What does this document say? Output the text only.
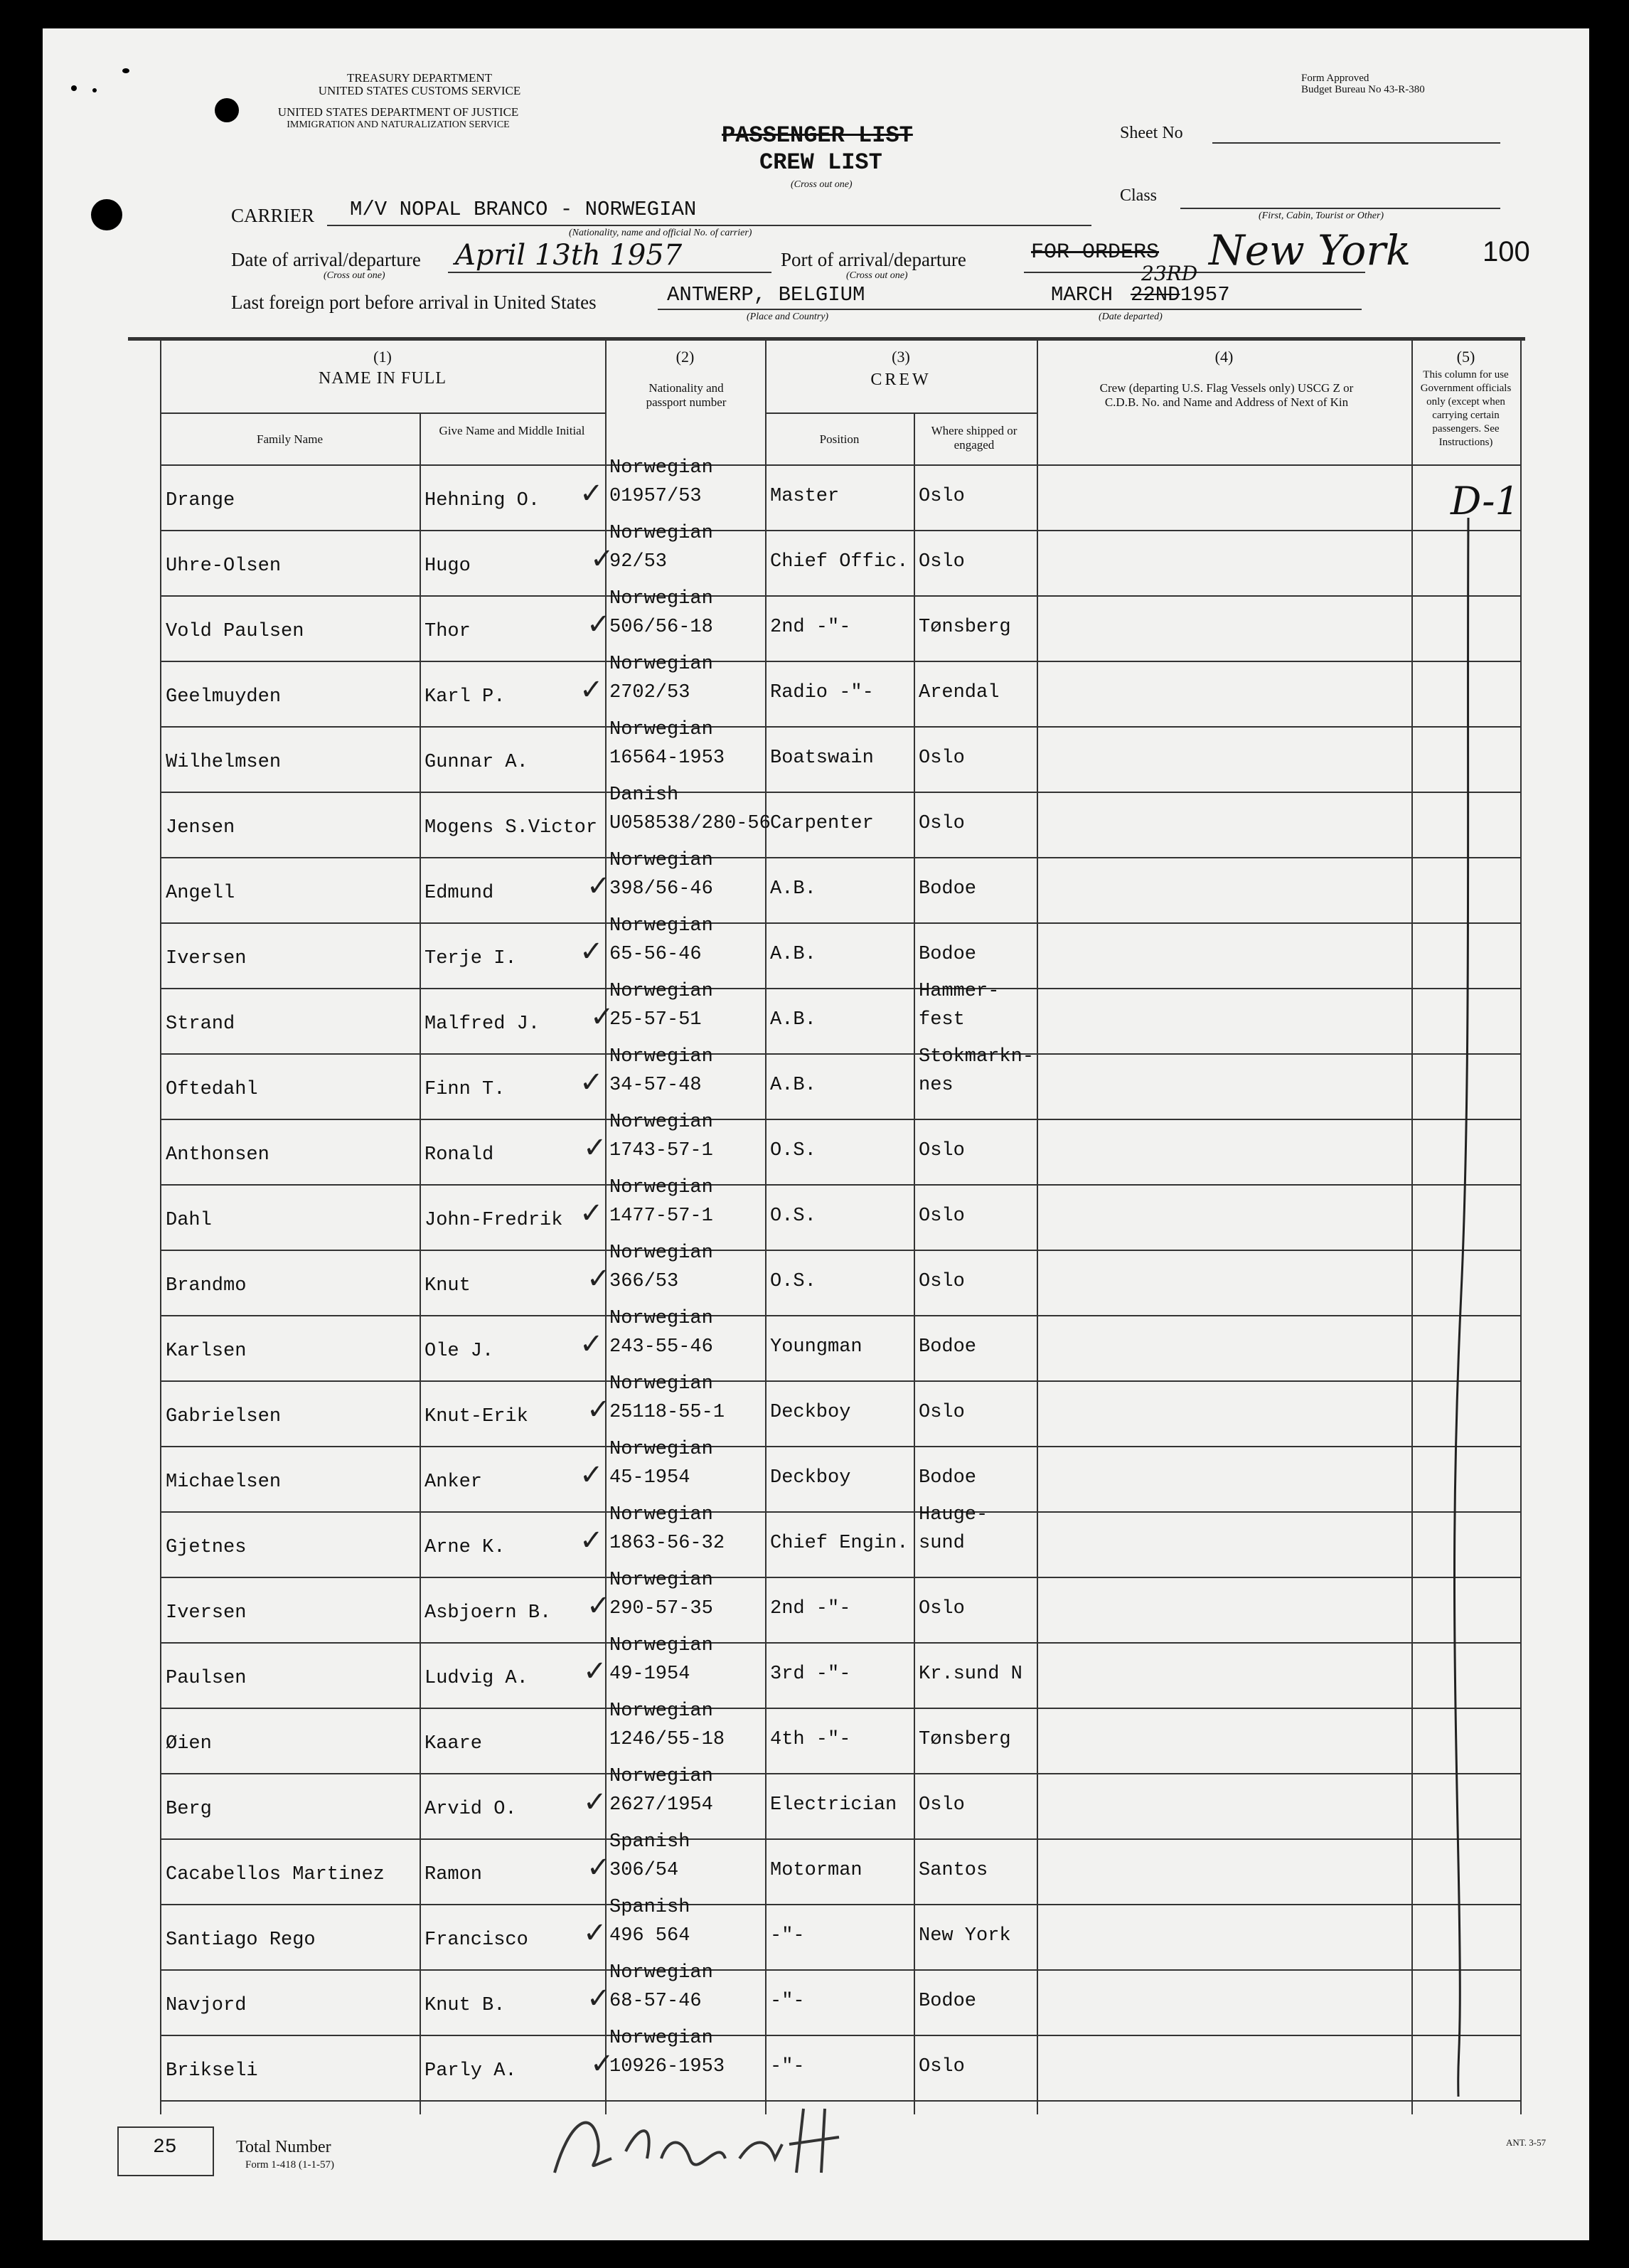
TREASURY DEPARTMENT
UNITED STATES CUSTOMS SERVICE
UNITED STATES DEPARTMENT OF JUSTICE
IMMIGRATION AND NATURALIZATION SERVICE
Form Approved
Budget Bureau No 43-R-380
PASSENGER LIST
CREW LIST
(Cross out one)
Sheet No
Class
(First, Cabin, Tourist or Other)
100
CARRIER M/V NOPAL BRANCO - NORWEGIAN
(Nationality, name and official No. of carrier)
Date of arrival/departure
(Cross out one)
April 13th 1957	Port of arrival/departure
(Cross out one)
FOR ORDERS New York
Last foreign port before arrival in United States	ANTWERP, BELGIUM
(Place and Country)
MARCH 22ND
23RD
1957
(Date departed)
(1)
NAME IN FULL
Family Name
Give Name and Middle Initial
(2)
Nationality and passport number
(3)
CREW
Position
Where shipped or engaged
(4)
Crew (departing U.S. Flag Vessels only) USCG Z or C.D.B. No. and Name and Address of Next of Kin
(5)
This column for use Government officials only (except when carrying certain passengers. See Instructions)
Drange	Hehning O.
Norwegian
01957/53	Master	Oslo
✓
Uhre-Olsen	Hugo
Norwegian
92/53	Chief Offic. Oslo
✓
Vold Paulsen	Thor
Norwegian
506/56-18	2nd -"-	Tønsberg
✓
Geelmuyden	Karl P.
Norwegian
2702/53	Radio -"- Arendal
✓
Wilhelmsen	Gunnar A.
Norwegian
16564-1953 Boatswain Oslo
Jensen	Mogens S.Victor
Danish
U058538/280-56 Carpenter Oslo
Angell	Edmund
Norwegian
398/56-46	A.B.	Bodoe
✓
Iversen	Terje I.
Norwegian
65-56-46	A.B.	Bodoe
✓
Strand	Malfred J.
Norwegian
25-57-51	A.B.
Hammer-
fest
✓
Oftedahl	Finn T.
Norwegian
34-57-48	A.B.
Stokmarkn-
nes
✓
Anthonsen	Ronald
Norwegian
1743-57-1	O.S.	Oslo
✓
Dahl	John-Fredrik
Norwegian
1477-57-1	O.S.	Oslo
✓
Brandmo	Knut
Norwegian
366/53	O.S.	Oslo
✓
Karlsen	Ole J.
Norwegian
243-55-46	Youngman	Bodoe
✓
Gabrielsen	Knut-Erik
Norwegian
25118-55-1 Deckboy	Oslo
✓
Michaelsen	Anker
Norwegian
45-1954	Deckboy	Bodoe
✓
Gjetnes	Arne K.
Norwegian
1863-56-32 Chief Engin.
Hauge-
sund
✓
Iversen	Asbjoern B.
Norwegian
290-57-35	2nd -"-	Oslo
✓
Paulsen	Ludvig A.
Norwegian
49-1954	3rd -"-	Kr.sund N
✓
Øien	Kaare
Norwegian
1246/55-18 4th -"-	Tønsberg
Berg	Arvid O.
Norwegian
2627/1954	Electrician Oslo
✓
Cacabellos Martinez Ramon
Spanish
306/54	Motorman	Santos
✓
Santiago Rego	Francisco
Spanish
496 564	-"-	New York
✓
Navjord	Knut B.
Norwegian
68-57-46	-"-	Bodoe
✓
Brikseli	Parly A.
Norwegian
10926-1953 -"-	Oslo
✓
D-1
25	Total Number
Form 1-418 (1-1-57)
ANT. 3-57
